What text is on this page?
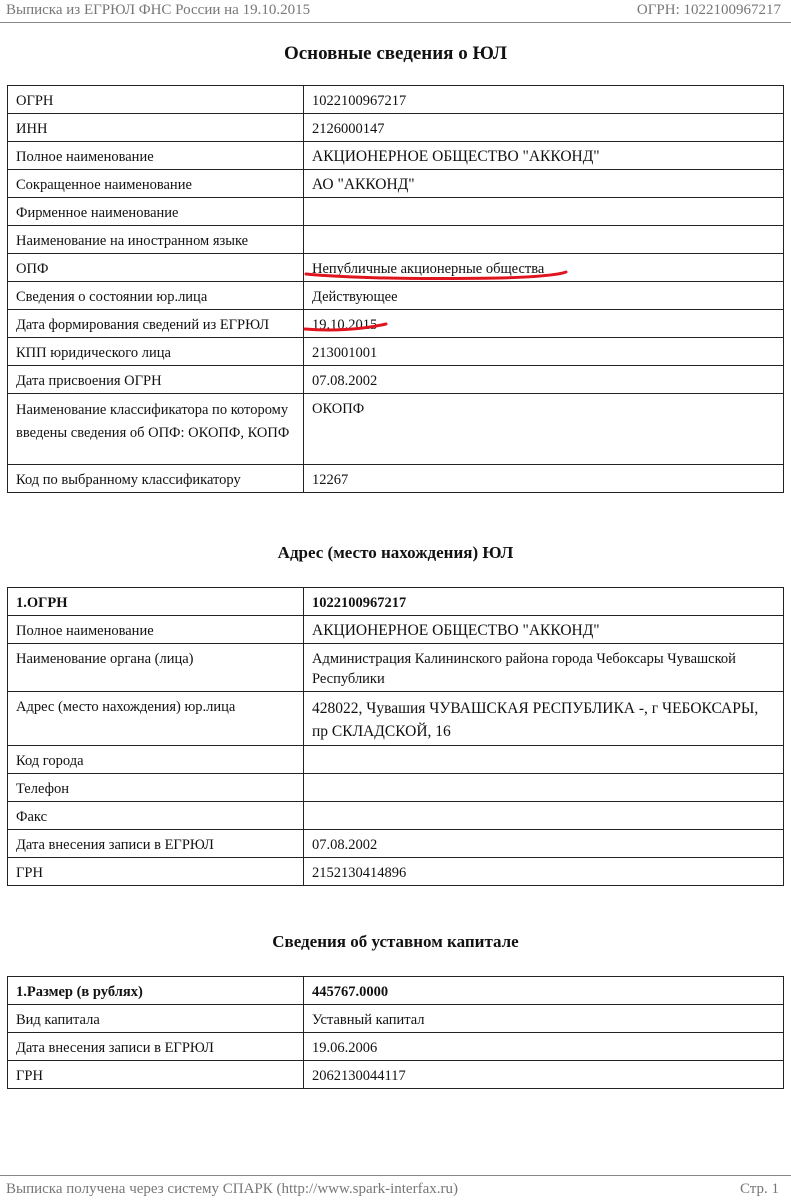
Выписка из ЕГРЮЛ ФНС России на 19.10.2015	ОГРН: 1022100967217
Основные сведения о ЮЛ
ОГРН	1022100967217
ИНН	2126000147
Полное наименование	АКЦИОНЕРНОЕ ОБЩЕСТВО "АККОНД"
Сокращенное наименование	АО "АККОНД"
Фирменное наименование	
Наименование на иностранном языке	
ОПФ	Непубличные акционерные общества
Сведения о состоянии юр.лица	Действующее
Дата формирования сведений из ЕГРЮЛ	19.10.2015
КПП юридического лица	213001001
Дата присвоения ОГРН	07.08.2002
Наименование классификатора по которому введены сведения об ОПФ: ОКОПФ, КОПФ	ОКОПФ
Код по выбранному классификатору	12267
Адрес (место нахождения) ЮЛ
1.ОГРН	1022100967217
Полное наименование	АКЦИОНЕРНОЕ ОБЩЕСТВО "АККОНД"
Наименование органа (лица)	Администрация Калининского района города Чебоксары Чувашской Республики
Адрес (место нахождения) юр.лица	428022, Чувашия ЧУВАШСКАЯ РЕСПУБЛИКА -, г ЧЕБОКСАРЫ, пр СКЛАДСКОЙ, 16
Код города	
Телефон	
Факс	
Дата внесения записи в ЕГРЮЛ	07.08.2002
ГРН	2152130414896
Сведения об уставном капитале
1.Размер (в рублях)	445767.0000
Вид капитала	Уставный капитал
Дата внесения записи в ЕГРЮЛ	19.06.2006
ГРН	2062130044117
Выписка получена через систему СПАРК (http://www.spark-interfax.ru)	Стр. 1
